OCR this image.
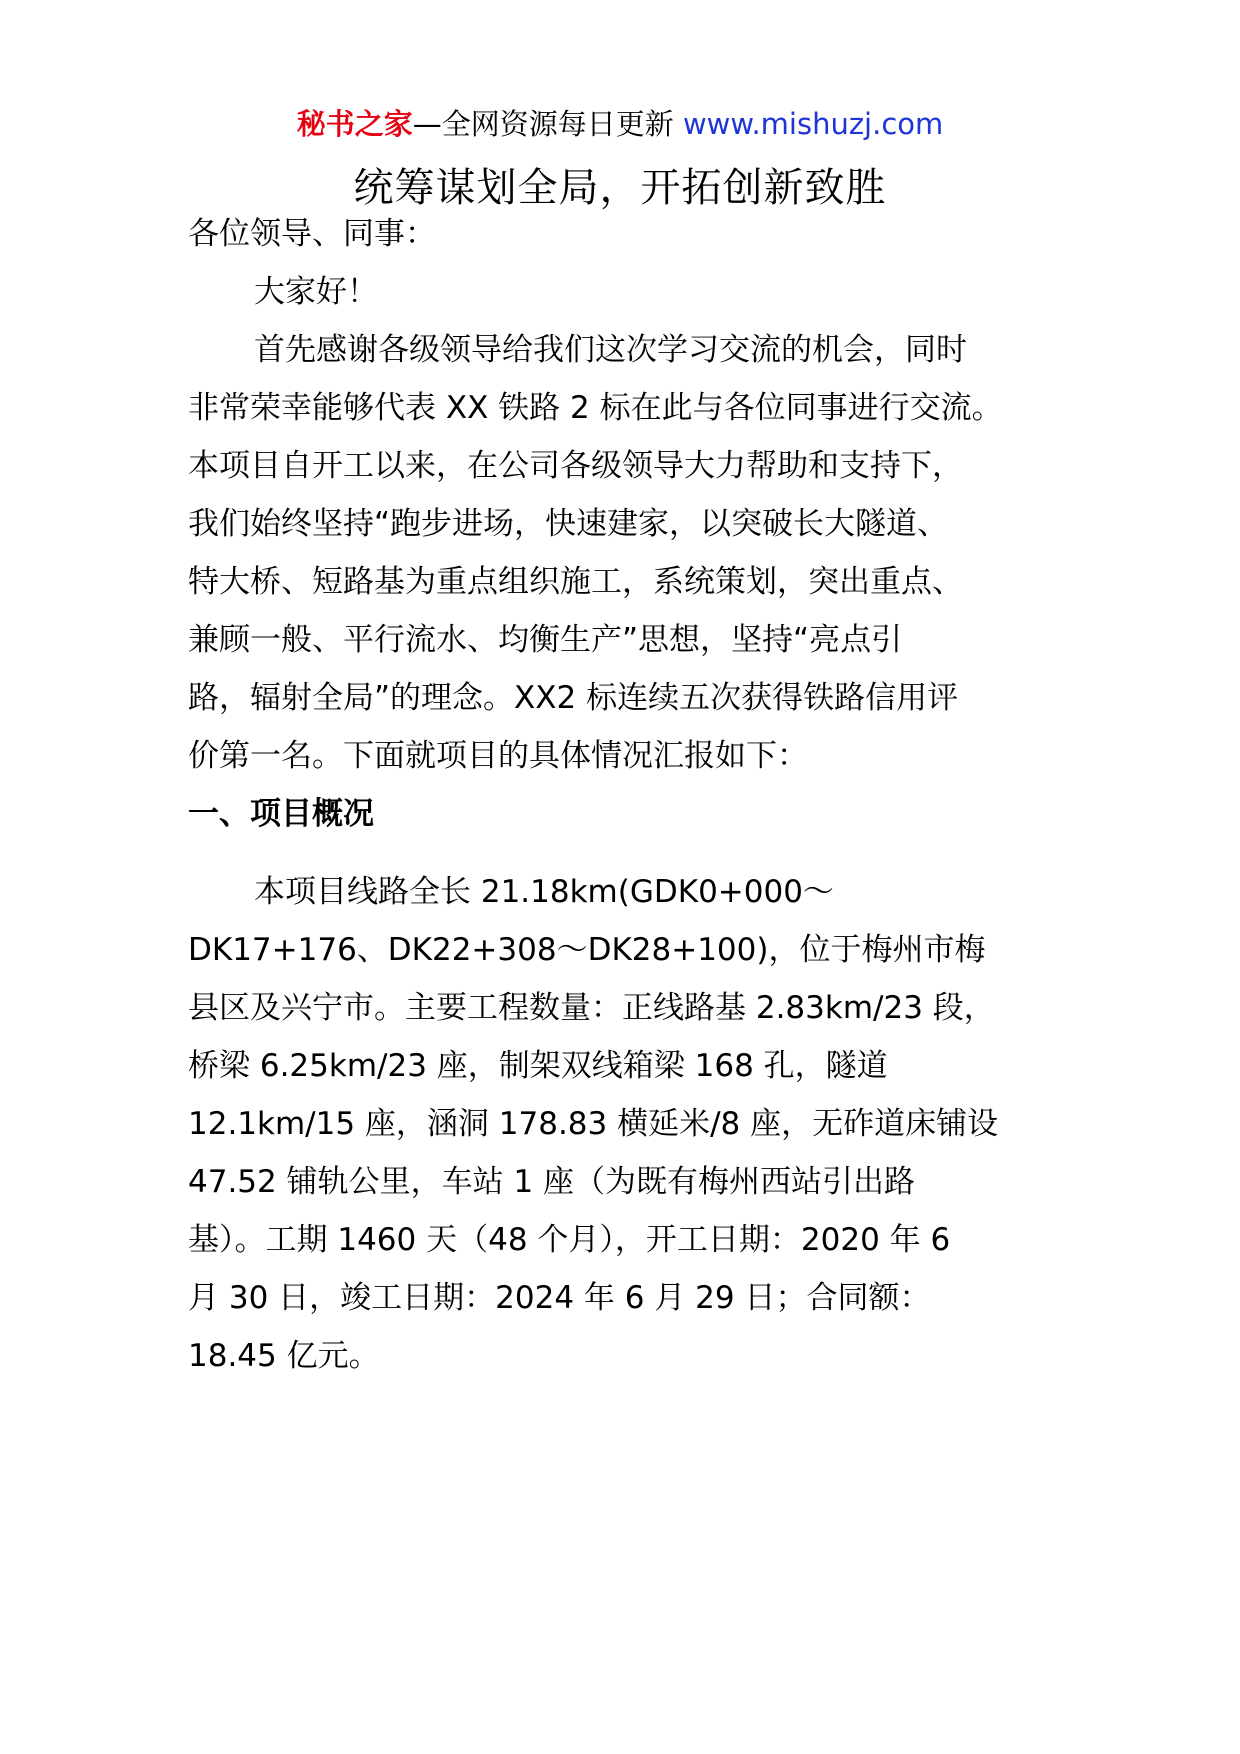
秘书之家—全网资源每日更新 www.mishuzj.com
统筹谋划全局，开拓创新致胜

各位领导、同事：

大家好！

首先感谢各级领导给我们这次学习交流的机会，同时

非常荣幸能够代表 XX 铁路 2 标在此与各位同事进行交流。

本项目自开工以来，在公司各级领导大力帮助和支持下，

我们始终坚持“跑步进场，快速建家，以突破长大隧道、

特大桥、短路基为重点组织施工，系统策划，突出重点、

兼顾一般、平行流水、均衡生产”思想，坚持“亮点引

路，辐射全局”的理念。XX2 标连续五次获得铁路信用评

价第一名。下面就项目的具体情况汇报如下：

一、项目概况

本项目线路全长 21.18km(GDK0+000～

DK17+176、DK22+308～DK28+100)，位于梅州市梅

县区及兴宁市。主要工程数量：正线路基 2.83km/23 段，

桥梁 6.25km/23 座，制架双线箱梁 168 孔，隧道

12.1km/15 座，涵洞 178.83 横延米/8 座，无砟道床铺设

47.52 铺轨公里，车站 1 座（为既有梅州西站引出路

基）。工期 1460 天（48 个月），开工日期：2020 年 6

月 30 日，竣工日期：2024 年 6 月 29 日；合同额：

18.45 亿元。
